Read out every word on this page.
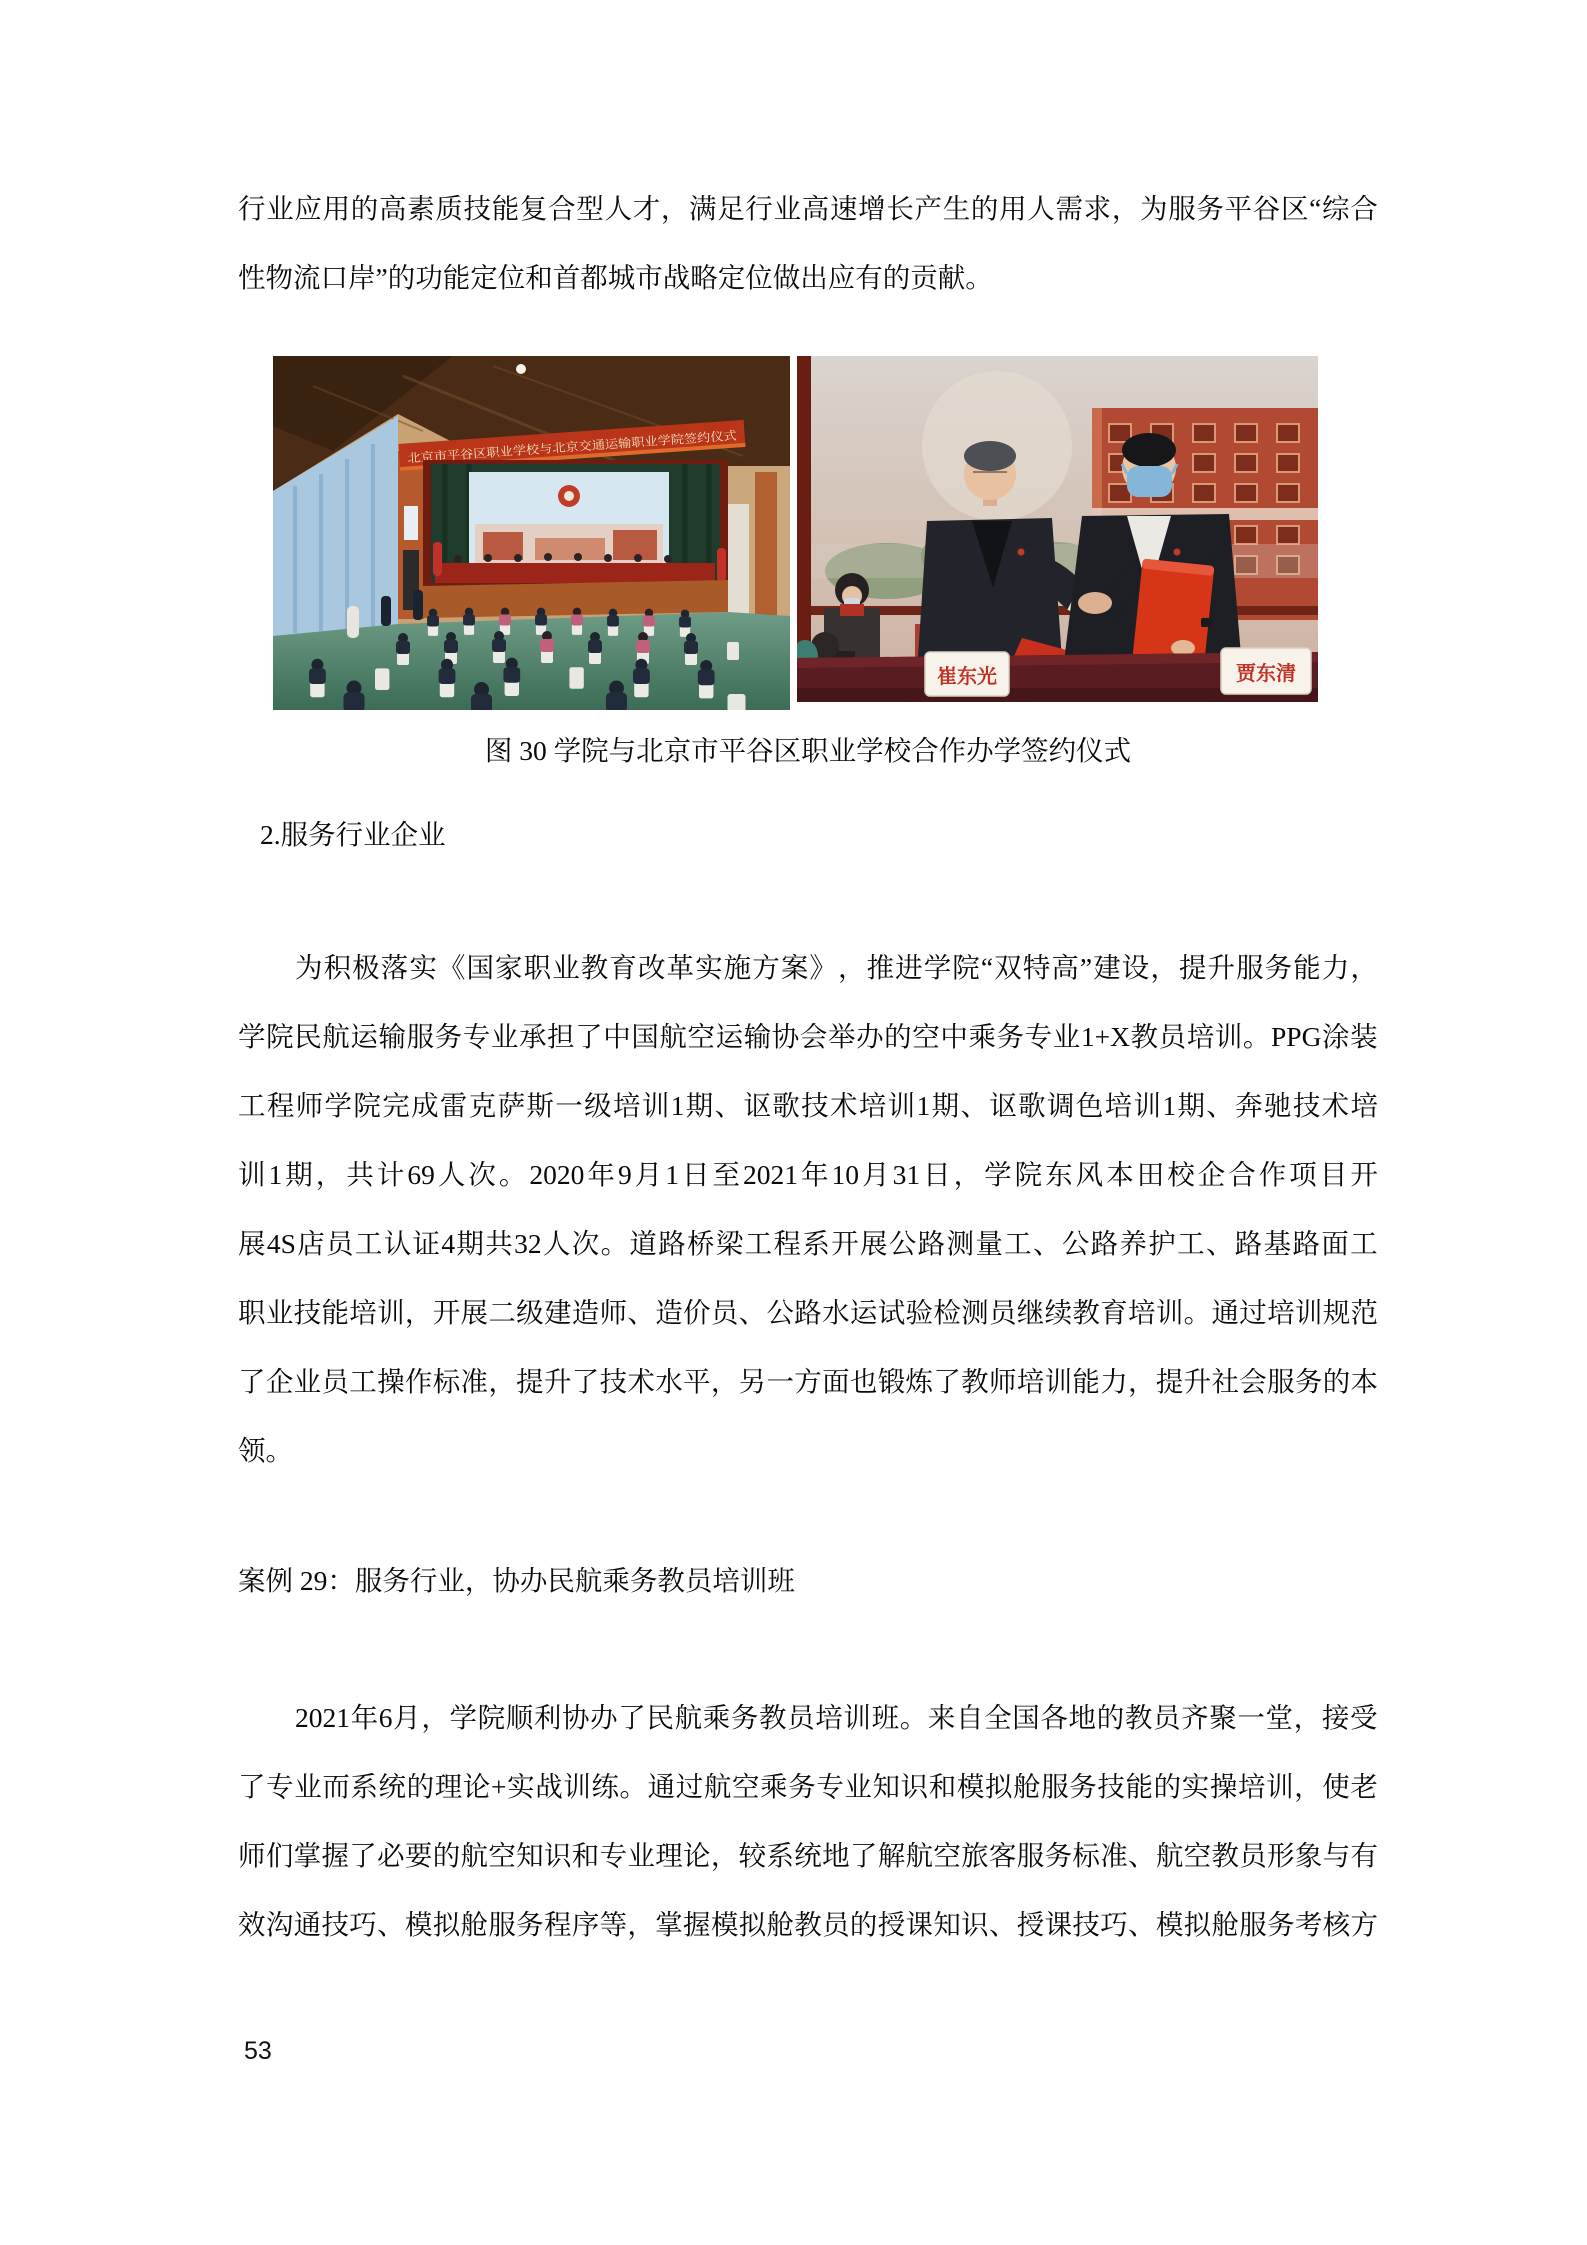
行 业 应 用 的 高 素 质 技 能 复 合 型 人 才 ， 满 足 行 业 高 速 增 长 产 生 的 用 人 需 求 ， 为 服 务 平 谷 区 “ 综 合
性物流口岸”的功能定位和首都城市战略定位做出应有的贡献。
北京市平谷区职业学校与北京交通运输职业学院签约仪式
崔东光	贾东清
图 30 学院与北京市平谷区职业学校合作办学签约仪式
2.服务行业企业
为 积 极 落 实 《 国 家 职 业 教 育 改 革 实 施 方 案 》 ， 推 进 学 院 “ 双 特 高 ” 建 设 ， 提 升 服 务 能 力 ，
学 院 民 航 运 输 服 务 专 业 承 担 了 中 国 航 空 运 输 协 会 举 办 的 空 中 乘 务 专 业 1+X 教 员 培 训 。 PPG 涂 装
工 程 师 学 院 完 成 雷 克 萨 斯 一 级 培 训 1 期 、 讴 歌 技 术 培 训 1 期 、 讴 歌 调 色 培 训 1 期 、 奔 驰 技 术 培
训 1 期 ， 共 计 69 人 次 。 2020 年 9 月 1 日 至 2021 年 10 月 31 日 ， 学 院 东 风 本 田 校 企 合 作 项 目 开
展 4S 店 员 工 认 证 4 期 共 32 人 次 。 道 路 桥 梁 工 程 系 开 展 公 路 测 量 工 、 公 路 养 护 工 、 路 基 路 面 工
职 业 技 能 培 训 ， 开 展 二 级 建 造 师 、 造 价 员 、 公 路 水 运 试 验 检 测 员 继 续 教 育 培 训 。 通 过 培 训 规 范
了 企 业 员 工 操 作 标 准 ， 提 升 了 技 术 水 平 ， 另 一 方 面 也 锻 炼 了 教 师 培 训 能 力 ， 提 升 社 会 服 务 的 本
领。
案例 29：服务行业，协办民航乘务教员培训班
2021 年 6 月 ， 学 院 顺 利 协 办 了 民 航 乘 务 教 员 培 训 班 。 来 自 全 国 各 地 的 教 员 齐 聚 一 堂 ， 接 受
了 专 业 而 系 统 的 理 论 + 实 战 训 练 。 通 过 航 空 乘 务 专 业 知 识 和 模 拟 舱 服 务 技 能 的 实 操 培 训 ， 使 老
师 们 掌 握 了 必 要 的 航 空 知 识 和 专 业 理 论 ， 较 系 统 地 了 解 航 空 旅 客 服 务 标 准 、 航 空 教 员 形 象 与 有
效 沟 通 技 巧 、 模 拟 舱 服 务 程 序 等 ， 掌 握 模 拟 舱 教 员 的 授 课 知 识 、 授 课 技 巧 、 模 拟 舱 服 务 考 核 方
53
